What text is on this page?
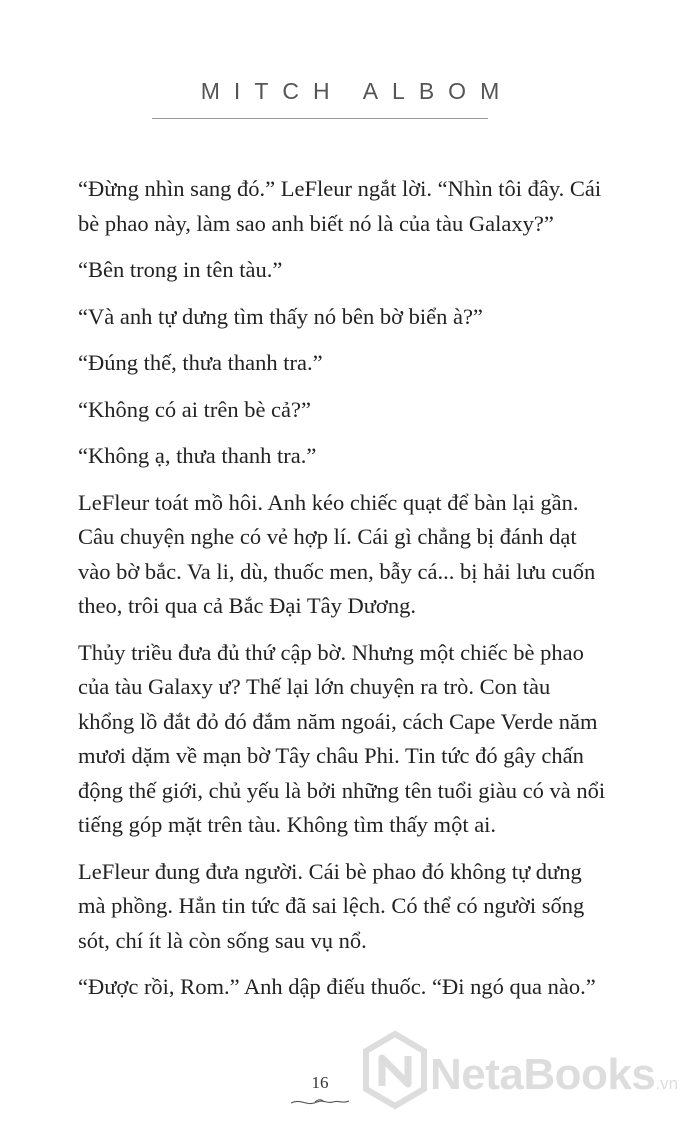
MITCH ALBOM

“Đừng nhìn sang đó.” LeFleur ngắt lời. “Nhìn tôi đây. Cái bè phao này, làm sao anh biết nó là của tàu Galaxy?”

“Bên trong in tên tàu.”

“Và anh tự dưng tìm thấy nó bên bờ biển à?”

“Đúng thế, thưa thanh tra.”

“Không có ai trên bè cả?”

“Không ạ, thưa thanh tra.”

LeFleur toát mồ hôi. Anh kéo chiếc quạt để bàn lại gần. Câu chuyện nghe có vẻ hợp lí. Cái gì chẳng bị đánh dạt vào bờ bắc. Va li, dù, thuốc men, bẫy cá... bị hải lưu cuốn theo, trôi qua cả Bắc Đại Tây Dương.

Thủy triều đưa đủ thứ cập bờ. Nhưng một chiếc bè phao của tàu Galaxy ư? Thế lại lớn chuyện ra trò. Con tàu khổng lồ đắt đỏ đó đắm năm ngoái, cách Cape Verde năm mươi dặm về mạn bờ Tây châu Phi. Tin tức đó gây chấn động thế giới, chủ yếu là bởi những tên tuổi giàu có và nổi tiếng góp mặt trên tàu. Không tìm thấy một ai.

LeFleur đung đưa người. Cái bè phao đó không tự dưng mà phồng. Hẳn tin tức đã sai lệch. Có thể có người sống sót, chí ít là còn sống sau vụ nổ.

“Được rồi, Rom.” Anh dập điếu thuốc. “Đi ngó qua nào.”

16	NetaBooks.vn
